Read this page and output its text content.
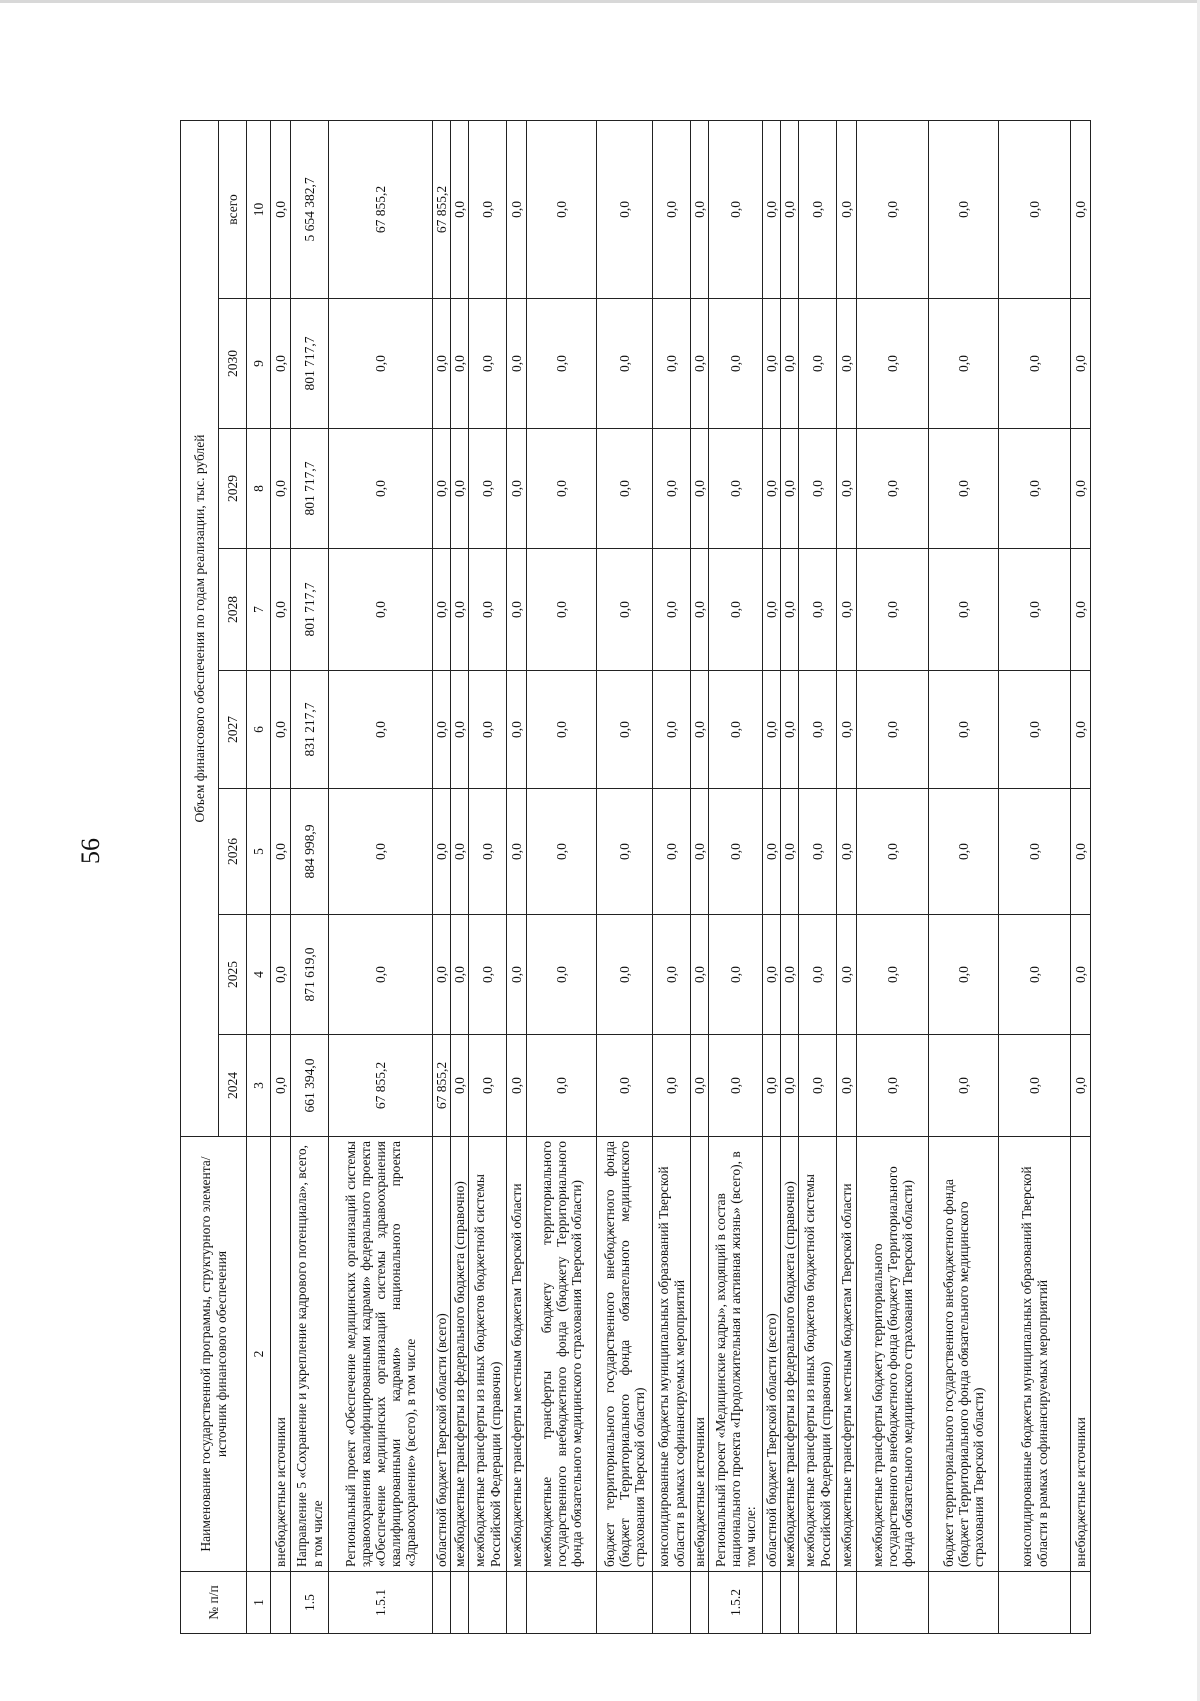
56
№ п/п	Наименование государственной программы, структурного элемента/источник финансового обеспечения	Объем финансового обеспечения по годам реализации, тыс. рублей							
		2024	2025	2026	2027	2028	2029	2030	всего
1	2	3	4	5	6	7	8	9	10
	внебюджетные источники	0,0	0,0	0,0	0,0	0,0	0,0	0,0	0,0
1.5	Направление 5 «Сохранение и укрепление кадрового потенциала», всего, в том числе	661 394,0	871 619,0	884 998,9	831 217,7	801 717,7	801 717,7	801 717,7	5 654 382,7
1.5.1	Региональный проект «Обеспечение медицинских организаций системы здравоохранения квалифицированными кадрами» федерального проекта «Обеспечение медицинских организаций системы здравоохранения квалифицированными кадрами» национального проекта «Здравоохранение» (всего), в том числе	67 855,2	0,0	0,0	0,0	0,0	0,0	0,0	67 855,2
	областной бюджет Тверской области (всего)	67 855,2	0,0	0,0	0,0	0,0	0,0	0,0	67 855,2
	межбюджетные трансферты из федерального бюджета (справочно)	0,0	0,0	0,0	0,0	0,0	0,0	0,0	0,0
	межбюджетные трансферты из иных бюджетов бюджетной системы Российской Федерации (справочно)	0,0	0,0	0,0	0,0	0,0	0,0	0,0	0,0
	межбюджетные трансферты местным бюджетам Тверской области	0,0	0,0	0,0	0,0	0,0	0,0	0,0	0,0
	межбюджетные трансферты бюджету территориального государственного внебюджетного фонда (бюджету Территориального фонда обязательного медицинского страхования Тверской области)	0,0	0,0	0,0	0,0	0,0	0,0	0,0	0,0
	бюджет территориального государственного внебюджетного фонда (бюджет Территориального фонда обязательного медицинского страхования Тверской области)	0,0	0,0	0,0	0,0	0,0	0,0	0,0	0,0
	консолидированные бюджеты муниципальных образований Тверской области в рамках софинансируемых мероприятий	0,0	0,0	0,0	0,0	0,0	0,0	0,0	0,0
	внебюджетные источники	0,0	0,0	0,0	0,0	0,0	0,0	0,0	0,0
1.5.2	Региональный проект «Медицинские кадры», входящий в состав национального проекта «Продолжительная и активная жизнь» (всего), в том числе:	0,0	0,0	0,0	0,0	0,0	0,0	0,0	0,0
	областной бюджет Тверской области (всего)	0,0	0,0	0,0	0,0	0,0	0,0	0,0	0,0
	межбюджетные трансферты из федерального бюджета (справочно)	0,0	0,0	0,0	0,0	0,0	0,0	0,0	0,0
	межбюджетные трансферты из иных бюджетов бюджетной системы Российской Федерации (справочно)	0,0	0,0	0,0	0,0	0,0	0,0	0,0	0,0
	межбюджетные трансферты местным бюджетам Тверской области	0,0	0,0	0,0	0,0	0,0	0,0	0,0	0,0
	межбюджетные трансферты бюджету территориального государственного внебюджетного фонда (бюджету Территориального фонда обязательного медицинского страхования Тверской области)	0,0	0,0	0,0	0,0	0,0	0,0	0,0	0,0
	бюджет территориального государственного внебюджетного фонда (бюджет Территориального фонда обязательного медицинского страхования Тверской области)	0,0	0,0	0,0	0,0	0,0	0,0	0,0	0,0
	консолидированные бюджеты муниципальных образований Тверской области в рамках софинансируемых мероприятий	0,0	0,0	0,0	0,0	0,0	0,0	0,0	0,0
	внебюджетные источники	0,0	0,0	0,0	0,0	0,0	0,0	0,0	0,0
